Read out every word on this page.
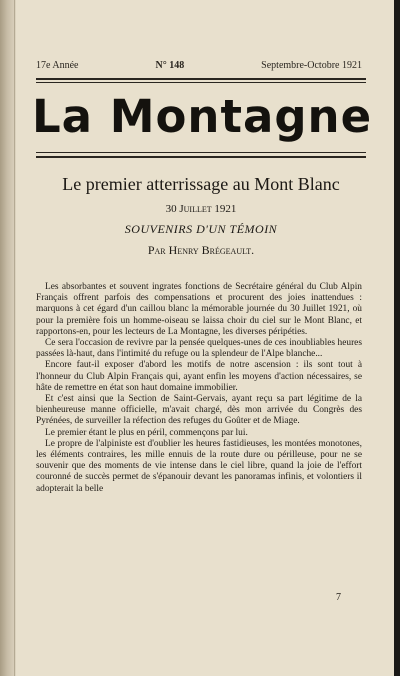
17e Année	N° 148	Septembre-Octobre 1921
La Montagne
Le premier atterrissage au Mont Blanc
30 Juillet 1921
SOUVENIRS D'UN TÉMOIN
Par Henry Brégeault.

Les absorbantes et souvent ingrates fonctions de Secrétaire général du Club Alpin Français offrent parfois des compensations et procurent des joies inattendues : marquons à cet égard d'un caillou blanc la mémorable journée du 30 Juillet 1921, où pour la première fois un homme-oiseau se laissa choir du ciel sur le Mont Blanc, et rapportons-en, pour les lecteurs de La Montagne, les diverses péripéties.

Ce sera l'occasion de revivre par la pensée quelques-unes de ces inoubliables heures passées là-haut, dans l'intimité du refuge ou la splendeur de l'Alpe blanche...

Encore faut-il exposer d'abord les motifs de notre ascension : ils sont tout à l'honneur du Club Alpin Français qui, ayant enfin les moyens d'action nécessaires, se hâte de remettre en état son haut domaine immobilier.

Et c'est ainsi que la Section de Saint-Gervais, ayant reçu sa part légitime de la bienheureuse manne officielle, m'avait chargé, dès mon arrivée du Congrès des Pyrénées, de surveiller la réfection des refuges du Goûter et de Miage.

Le premier étant le plus en péril, commençons par lui.

Le propre de l'alpiniste est d'oublier les heures fastidieuses, les montées monotones, les éléments contraires, les mille ennuis de la route dure ou périlleuse, pour ne se souvenir que des moments de vie intense dans le ciel libre, quand la joie de l'effort couronné de succès permet de s'épanouir devant les panoramas infinis, et volontiers il adopterait la belle

7
